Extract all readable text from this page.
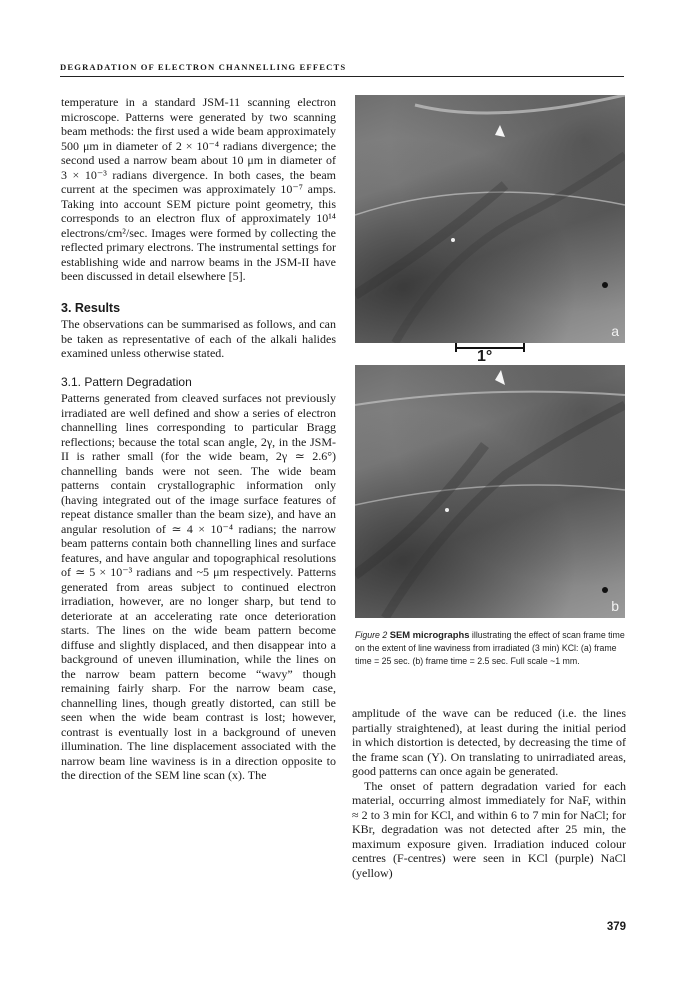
DEGRADATION OF ELECTRON CHANNELLING EFFECTS

temperature in a standard JSM-11 scanning electron microscope. Patterns were generated by two scanning beam methods: the first used a wide beam approximately 500 μm in diameter of 2 × 10⁻⁴ radians divergence; the second used a narrow beam about 10 μm in diameter of 3 × 10⁻³ radians divergence. In both cases, the beam current at the specimen was approximately 10⁻⁷ amps. Taking into account SEM picture point geometry, this corresponds to an electron flux of approximately 10¹⁴ electrons/cm²/sec. Images were formed by collecting the reflected primary electrons. The instrumental settings for establishing wide and narrow beams in the JSM-II have been discussed in detail elsewhere [5].

3. Results

The observations can be summarised as follows, and can be taken as representative of each of the alkali halides examined unless otherwise stated.

3.1. Pattern Degradation

Patterns generated from cleaved surfaces not previously irradiated are well defined and show a series of electron channelling lines corresponding to particular Bragg reflections; because the total scan angle, 2γ, in the JSM-II is rather small (for the wide beam, 2γ ≃ 2.6°) channelling bands were not seen. The wide beam patterns contain crystallographic information only (having integrated out of the image surface features of repeat distance smaller than the beam size), and have an angular resolution of ≃ 4 × 10⁻⁴ radians; the narrow beam patterns contain both channelling lines and surface features, and have angular and topographical resolutions of ≃ 5 × 10⁻³ radians and ~5 μm respectively. Patterns generated from areas subject to continued electron irradiation, however, are no longer sharp, but tend to deteriorate at an accelerating rate once deterioration starts. The lines on the wide beam pattern become diffuse and slightly displaced, and then disappear into a background of uneven illumination, while the lines on the narrow beam pattern become “wavy” though remaining fairly sharp. For the narrow beam case, channelling lines, though greatly distorted, can still be seen when the wide beam contrast is lost; however, contrast is eventually lost in a background of uneven illumination. The line displacement associated with the narrow beam line waviness is in a direction opposite to the direction of the SEM line scan (x). The

a
1°
b
Figure 2 SEM micrographs illustrating the effect of scan frame time on the extent of line waviness from irradiated (3 min) KCl: (a) frame time = 25 sec. (b) frame time = 2.5 sec. Full scale ~1 mm.

amplitude of the wave can be reduced (i.e. the lines partially straightened), at least during the initial period in which distortion is detected, by decreasing the time of the frame scan (Y). On translating to unirradiated areas, good patterns can once again be generated.

The onset of pattern degradation varied for each material, occurring almost immediately for NaF, within ≈ 2 to 3 min for KCl, and within 6 to 7 min for NaCl; for KBr, degradation was not detected after 25 min, the maximum exposure given. Irradiation induced colour centres (F-centres) were seen in KCl (purple) NaCl (yellow)

379
